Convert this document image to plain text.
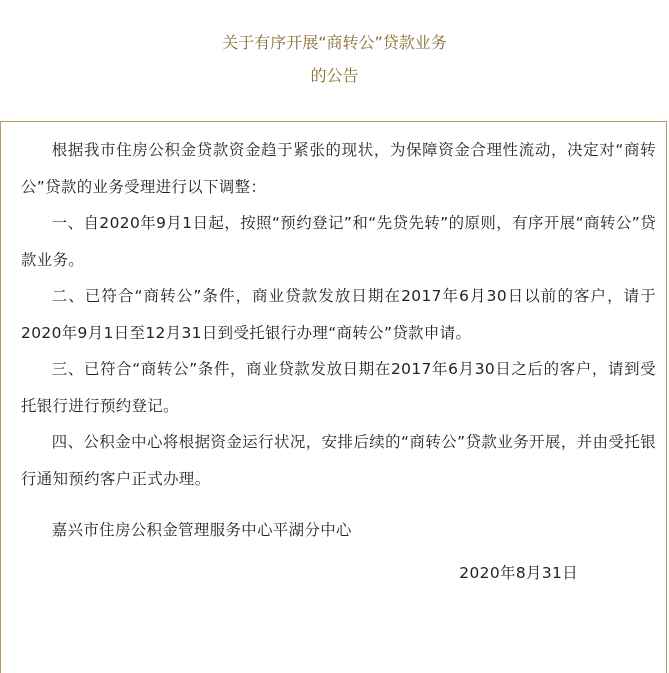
关于有序开展“商转公”贷款业务
的公告

根据我市住房公积金贷款资金趋于紧张的现状，为保障资金合理性流动，决定对“商转公”贷款的业务受理进行以下调整：

一、自2020年9月1日起，按照“预约登记”和“先贷先转”的原则，有序开展“商转公”贷款业务。

二、已符合“商转公”条件，商业贷款发放日期在2017年6月30日以前的客户，请于2020年9月1日至12月31日到受托银行办理“商转公”贷款申请。

三、已符合“商转公”条件，商业贷款发放日期在2017年6月30日之后的客户，请到受托银行进行预约登记。

四、公积金中心将根据资金运行状况，安排后续的“商转公”贷款业务开展，并由受托银行通知预约客户正式办理。

嘉兴市住房公积金管理服务中心平湖分中心

2020年8月31日
